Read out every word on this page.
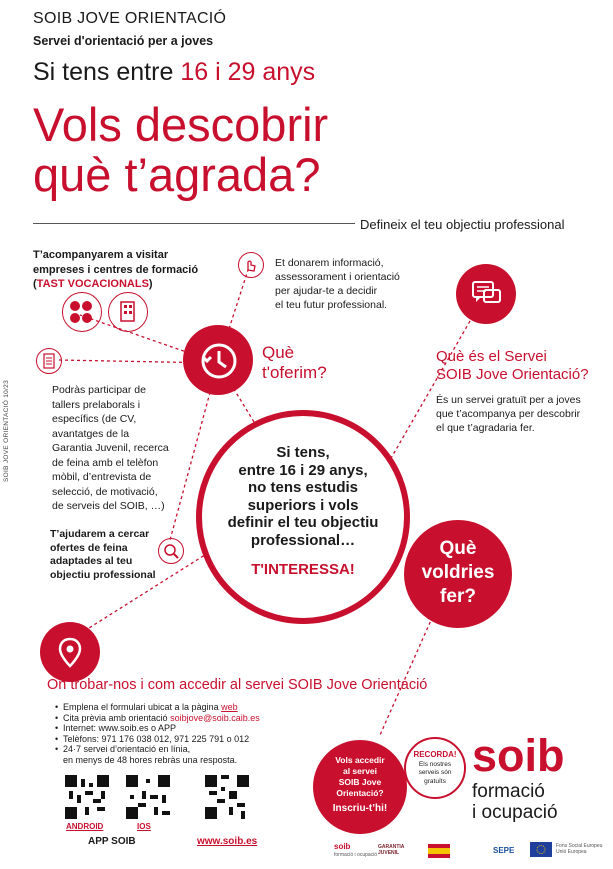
SOIB JOVE ORIENTACIÓ
Servei d'orientació per a joves
Si tens entre 16 i 29 anys
Vols descobrir
què t’agrada?
Defineix el teu objectiu professional
SOIB JOVE ORIENTACIÓ 10/23
T’acompanyarem a visitar
empreses i centres de formació
(TAST VOCACIONALS)
Et donarem informació,
assessorament i orientació
per ajudar-te a decidir
el teu futur professional.
Què és el Servei
SOIB Jove Orientació?
És un servei gratuït per a joves
que t’acompanya per descobrir
el que t’agradaria fer.
Què
t'oferim?
Podràs participar de
tallers prelaborals i
específics (de CV,
avantatges de la
Garantia Juvenil, recerca
de feina amb el telèfon
mòbil, d’entrevista de
selecció, de motivació,
de serveis del SOIB, …)
T’ajudarem a cercar
ofertes de feina
adaptades al teu
objectiu professional
Si tens,
entre 16 i 29 anys,
no tens estudis
superiors i vols
definir el teu objectiu
professional…
T'INTERESSA!
Què
voldries
fer?
On trobar-nos i com accedir al servei SOIB Jove Orientació
• Emplena el formulari ubicat a la pàgina web
• Cita prèvia amb orientació soibjove@soib.caib.es
• Internet: www.soib.es o APP
• Telèfons: 971 176 038 012, 971 225 791 o 012
• 24·7 servei d’orientació en línia,
en menys de 48 hores rebràs una resposta.
ANDROID	IOS
APP SOIB	www.soib.es
Vols accedir
al servei
SOIB Jove
Orientació?
Inscriu-t’hi!
RECORDA!
Els nostres
serveis són
gratuïts soib
formació
i ocupació
soib
formació i ocupació
GARANTIA JUVENIL	SEPE	Fons Social Europeu
Unió Europea
